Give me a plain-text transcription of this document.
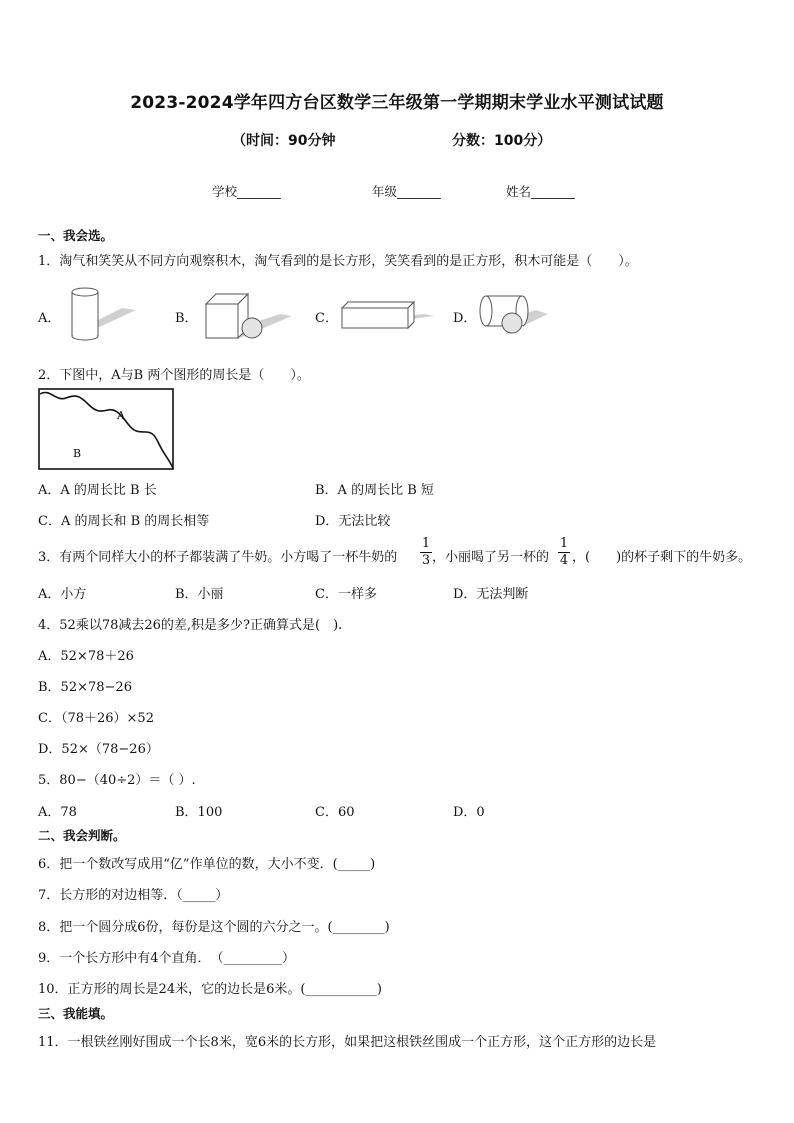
2023-2024学年四方台区数学三年级第一学期期末学业水平测试试题
（时间：90分钟	分数：100分）
学校_______	年级_______	姓名_______
一、我会选。
1．淘气和笑笑从不同方向观察积木，淘气看到的是长方形，笑笑看到的是正方形，积木可能是（　　）。
A．	B．	C．	D．
2．下图中，A与B 两个图形的周长是（　　）。
A
B
A．A 的周长比 B 长	B．A 的周长比 B 短
C．A 的周长和 B 的周长相等	D．无法比较
3．有两个同样大小的杯子都装满了牛奶。小方喝了一杯牛奶的
1
3 ，小丽喝了另一杯的
1
4 ，(　　)的杯子剩下的牛奶多。
A．小方	B．小丽	C．一样多	D．无法判断
4．52乘以78减去26的差,积是多少?正确算式是(　).
A．52×78＋26
B．52×78−26
C．（78＋26）×52
D．52×（78−26）
5．80−（40÷2）＝（ ）.
A．78	B．100	C．60	D．0
二、我会判断。
6．把一个数改写成用“亿”作单位的数，大小不变．(_____)
7．长方形的对边相等．（_____）
8．把一个圆分成6份，每份是这个圆的六分之一。(________)
9．一个长方形中有4个直角．　（_________）
10．正方形的周长是24米，它的边长是6米。(___________)
三、我能填。
11．一根铁丝刚好围成一个长8米，宽6米的长方形，如果把这根铁丝围成一个正方形，这个正方形的边长是
